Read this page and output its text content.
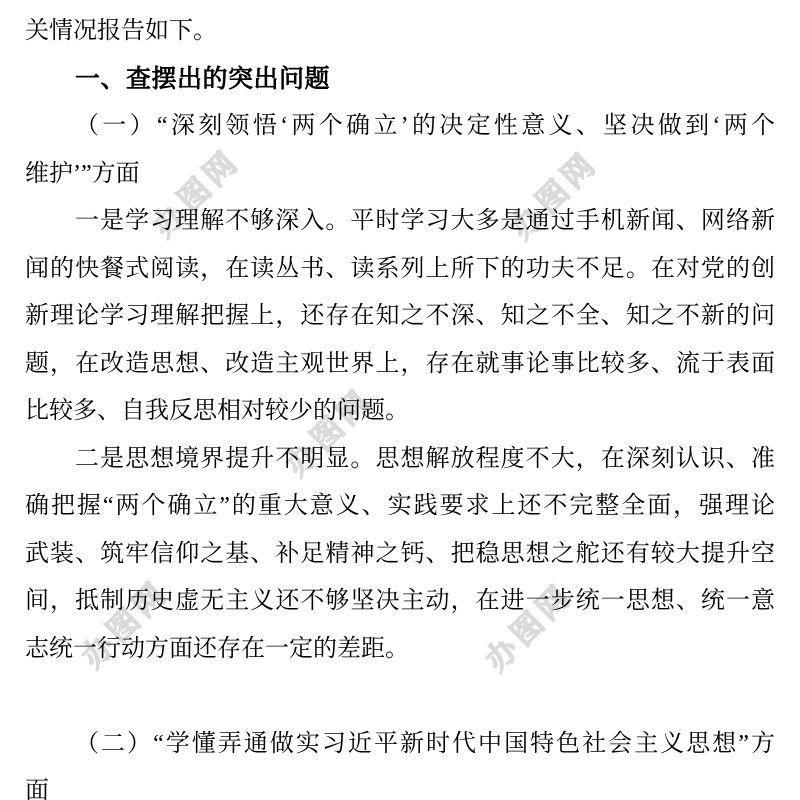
办图网	办图网
办图网
办图网	办图网
关情况报告如下。
一、查摆出的突出问题
（一）“深刻领悟‘两个确立’的决定性意义、坚决做到‘两个
维护’”方面
一是学习理解不够深入。平时学习大多是通过手机新闻、网络新
闻的快餐式阅读，在读丛书、读系列上所下的功夫不足。在对党的创
新理论学习理解把握上，还存在知之不深、知之不全、知之不新的问
题，在改造思想、改造主观世界上，存在就事论事比较多、流于表面
比较多、自我反思相对较少的问题。
二是思想境界提升不明显。思想解放程度不大，在深刻认识、准
确把握“两个确立”的重大意义、实践要求上还不完整全面，强理论
武装、筑牢信仰之基、补足精神之钙、把稳思想之舵还有较大提升空
间，抵制历史虚无主义还不够坚决主动，在进一步统一思想、统一意
志统一行动方面还存在一定的差距。
（二）“学懂弄通做实习近平新时代中国特色社会主义思想”方
面
